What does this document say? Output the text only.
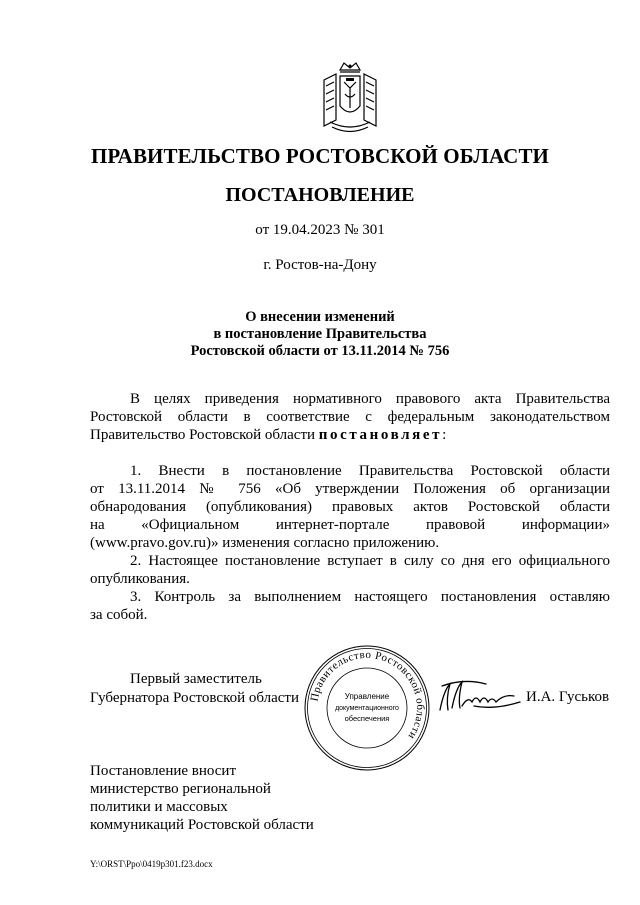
ПРАВИТЕЛЬСТВО РОСТОВСКОЙ ОБЛАСТИ
ПОСТАНОВЛЕНИЕ
от 19.04.2023 № 301
г. Ростов-на-Дону
О внесении изменений
в постановление Правительства
Ростовской области от 13.11.2014 № 756
В целях приведения нормативного правового акта Правительства
Ростовской области в соответствие с федеральным законодательством
Правительство Ростовской области постановляет:
1. Внести в постановление Правительства Ростовской области
от 13.11.2014 № 756 «Об утверждении Положения об организации
обнародования (опубликования) правовых актов Ростовской области
на «Официальном интернет-портале правовой информации»
(www.pravo.gov.ru)» изменения согласно приложению.
2. Настоящее постановление вступает в силу со дня его официального
опубликования.
3. Контроль за выполнением настоящего постановления оставляю
за собой.
Первый заместитель
Губернатора Ростовской области Правительство Ростовской области
Управление
документационного
обеспечения
И.А. Гуськов
Постановление вносит
министерство региональной
политики и массовых
коммуникаций Ростовской области
Y:\ORST\Ppo\0419p301.f23.docx
